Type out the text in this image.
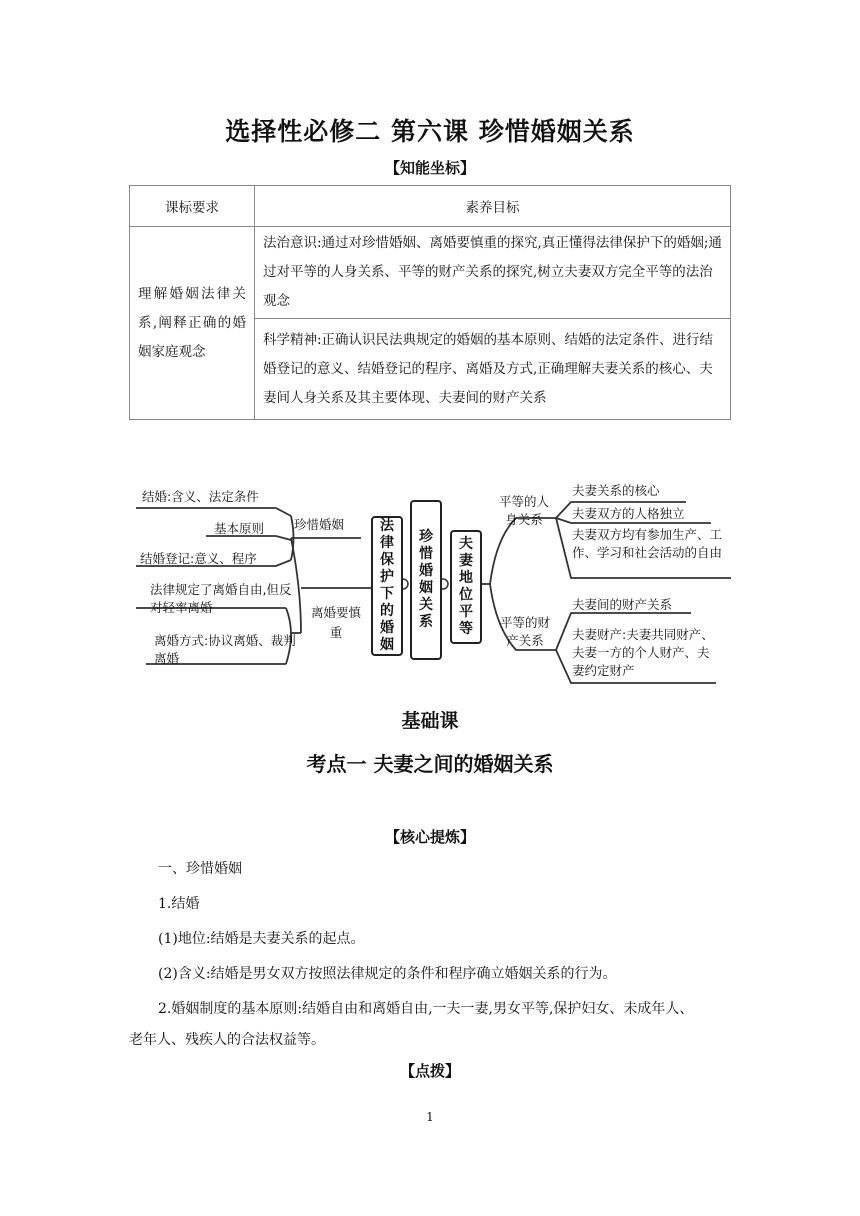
选择性必修二 第六课 珍惜婚姻关系
【知能坐标】
课标要求	素养目标
理解婚姻法律关系,阐释正确的婚姻家庭观念	法治意识:通过对珍惜婚姻、离婚要慎重的探究,真正懂得法律保护下的婚姻;通过对平等的人身关系、平等的财产关系的探究,树立夫妻双方完全平等的法治观念
	科学精神:正确认识民法典规定的婚姻的基本原则、结婚的法定条件、进行结婚登记的意义、结婚登记的程序、离婚及方式,正确理解夫妻关系的核心、夫妻间人身关系及其主要体现、夫妻间的财产关系
结婚:含义、法定条件
基本原则
结婚登记:意义、程序
珍惜婚姻
法律规定了离婚自由,但反对轻率离婚
离婚方式:协议离婚、裁判离婚
离婚要慎重
法律保护下的婚姻
珍惜婚姻关系
夫妻地位平等
平等的人身关系
平等的财产关系
夫妻关系的核心
夫妻双方的人格独立
夫妻双方均有参加生产、工作、学习和社会活动的自由
夫妻间的财产关系
夫妻财产:夫妻共同财产、夫妻一方的个人财产、夫妻约定财产
基础课
考点一 夫妻之间的婚姻关系
【核心提炼】
一、珍惜婚姻
1.结婚
(1)地位:结婚是夫妻关系的起点。
(2)含义:结婚是男女双方按照法律规定的条件和程序确立婚姻关系的行为。
2.婚姻制度的基本原则:结婚自由和离婚自由,一夫一妻,男女平等,保护妇女、未成年人、
老年人、残疾人的合法权益等。
【点拨】
1
